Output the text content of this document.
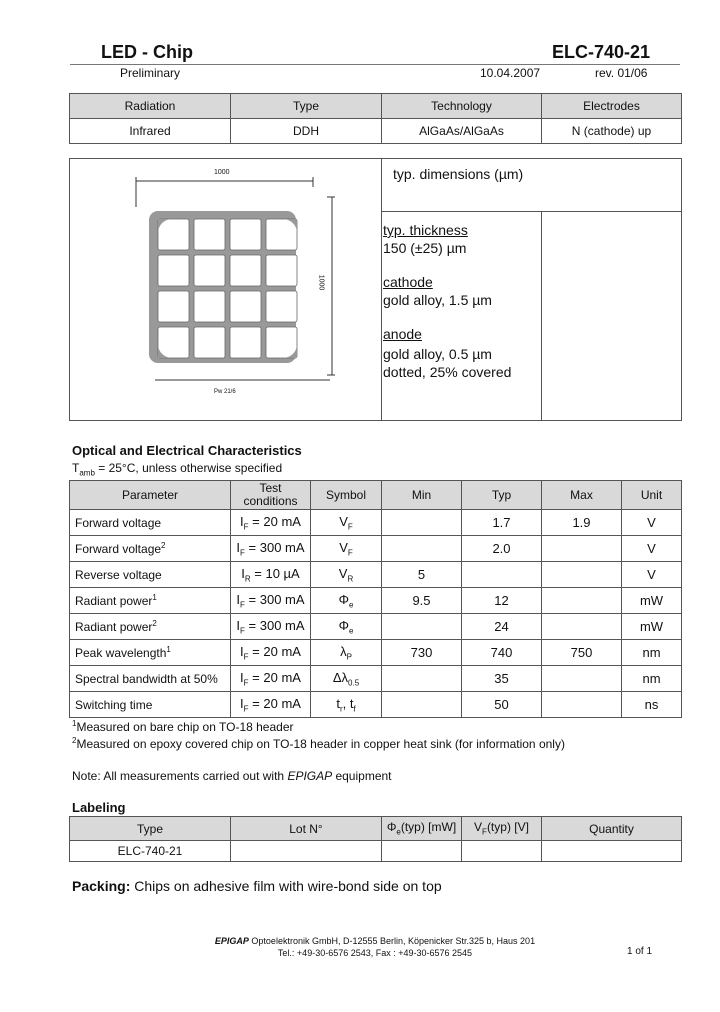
LED - Chip	ELC-740-21
Preliminary	10.04.2007	rev. 01/06
Radiation	Type	Technology	Electrodes
Infrared	DDH	AlGaAs/AlGaAs	N (cathode) up
1000
1000
Pw 21/6
typ. dimensions (µm)
typ. thickness
150 (±25) µm
cathode
gold alloy, 1.5 µm
anode
gold alloy, 0.5 µm
dotted, 25% covered
Optical and Electrical Characteristics
$T_{amb} = 25^\circ C$, unless otherwise specified
Parameter	Test conditions	Symbol	Min	Typ	Max	Unit
Forward voltage	$I_F = 20$ mA	$V_F$		1.7	1.9	V
Forward voltage$^2$	$I_F = 300$ mA	$V_F$		2.0		V
Reverse voltage	$I_R = 10$ µA	$V_R$	5			V
Radiant power$^1$	$I_F = 300$ mA	$\Phi_e$	9.5	12		mW
Radiant power$^2$	$I_F = 300$ mA	$\Phi_e$		24		mW
Peak wavelength$^1$	$I_F = 20$ mA	$\lambda_P$	730	740	750	nm
Spectral bandwidth at 50%	$I_F = 20$ mA	$\Delta\lambda_{0.5}$		35		nm
Switching time	$I_F = 20$ mA	$t_r$, $t_f$		50		ns
$^1$Measured on bare chip on TO-18 header
$^2$Measured on epoxy covered chip on TO-18 header in copper heat sink (for information only)
Note: All measurements carried out with EPIGAP equipment
Labeling
Type	Lot N°	$\Phi_e(typ)$ [mW]	$V_F(typ)$ [V]	Quantity
ELC-740-21				
Packing: Chips on adhesive film with wire-bond side on top
EPIGAP Optoelektronik GmbH, D-12555 Berlin, Köpenicker Str.325 b, Haus 201
Tel.: +49-30-6576 2543, Fax : +49-30-6576 2545	1 of 1
